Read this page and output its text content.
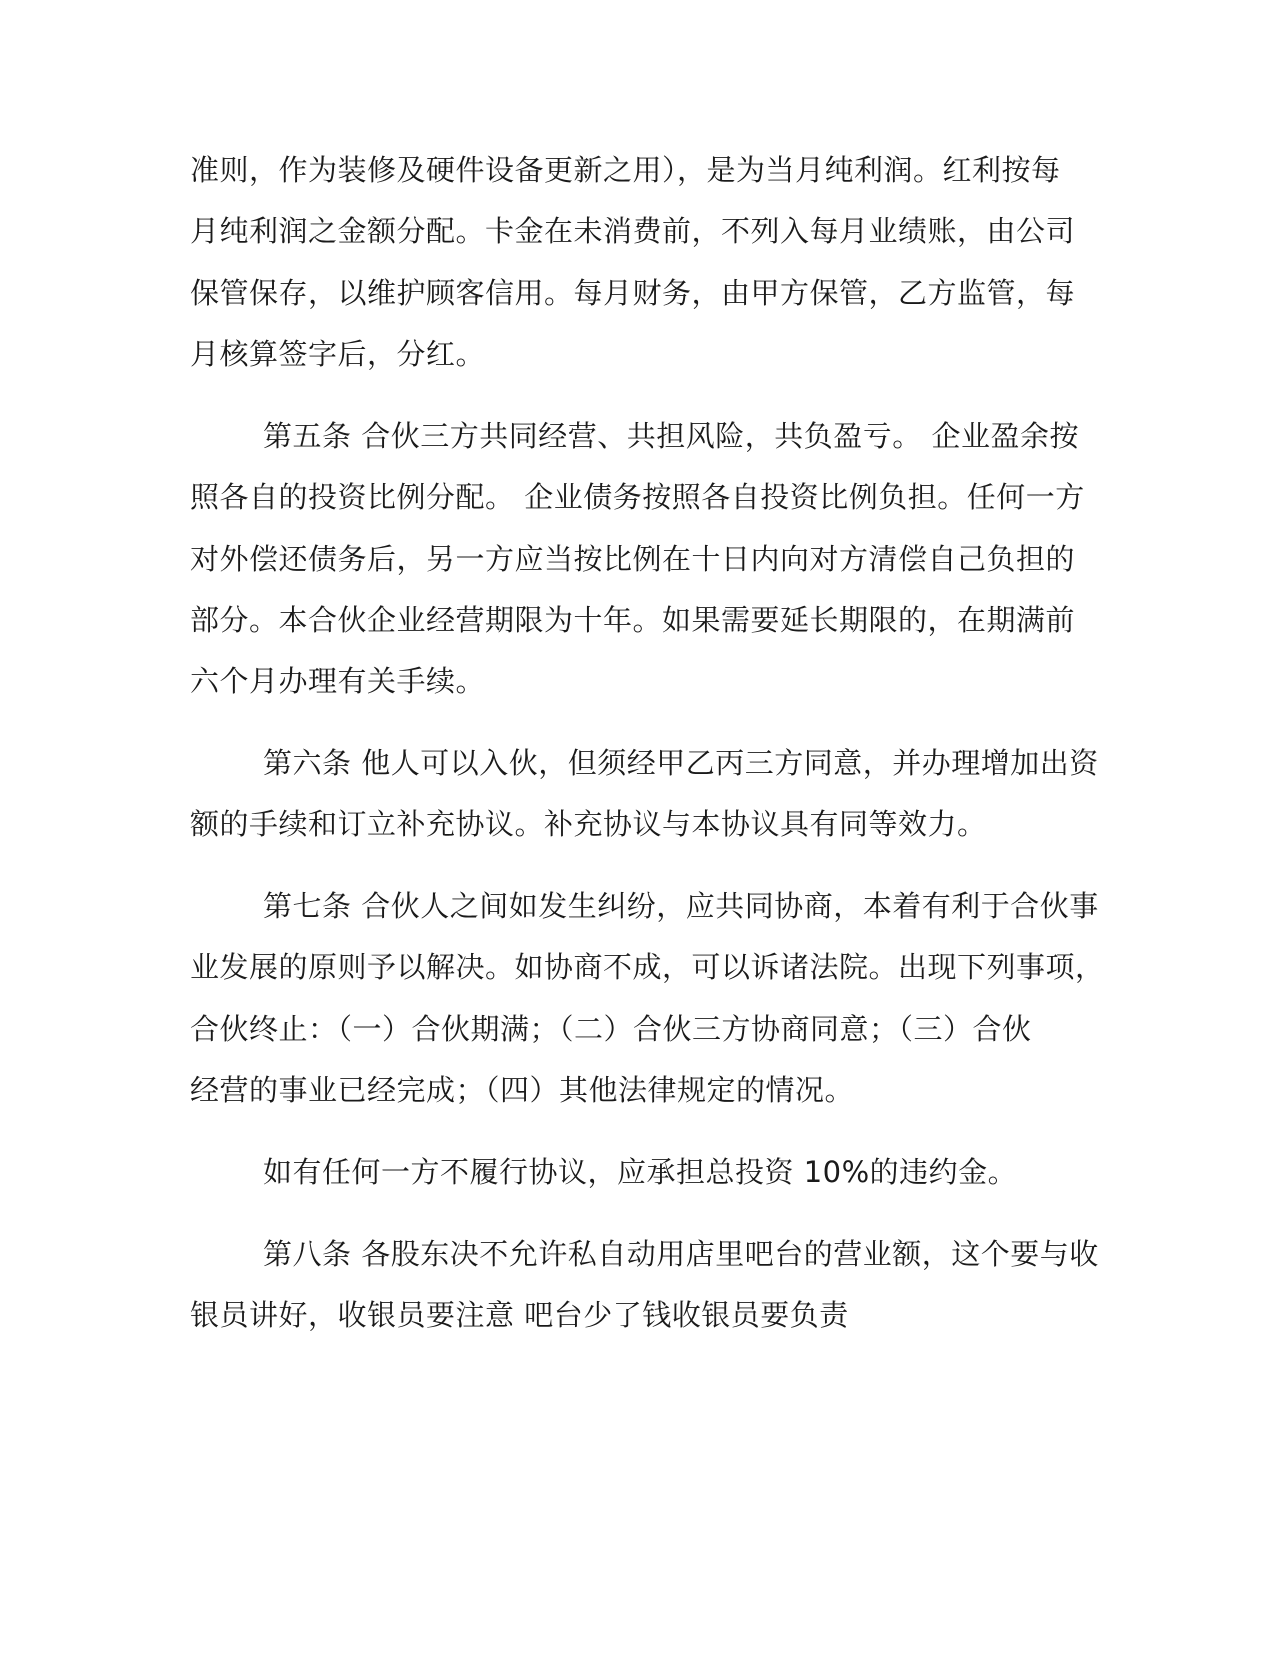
准则，作为装修及硬件设备更新之用），是为当月纯利润。红利按每
月纯利润之金额分配。卡金在未消费前，不列入每月业绩账，由公司
保管保存，以维护顾客信用。每月财务，由甲方保管，乙方监管，每
月核算签字后，分红。
第五条 合伙三方共同经营、共担风险，共负盈亏。 企业盈余按
照各自的投资比例分配。 企业债务按照各自投资比例负担。任何一方
对外偿还债务后，另一方应当按比例在十日内向对方清偿自己负担的
部分。本合伙企业经营期限为十年。如果需要延长期限的，在期满前
六个月办理有关手续。
第六条 他人可以入伙，但须经甲乙丙三方同意，并办理增加出资
额的手续和订立补充协议。补充协议与本协议具有同等效力。
第七条 合伙人之间如发生纠纷，应共同协商，本着有利于合伙事
业发展的原则予以解决。如协商不成，可以诉诸法院。出现下列事项，
合伙终止：（一）合伙期满；（二）合伙三方协商同意；（三）合伙
经营的事业已经完成；（四）其他法律规定的情况。
如有任何一方不履行协议，应承担总投资 10%的违约金。
第八条 各股东决不允许私自动用店里吧台的营业额，这个要与收
银员讲好，收银员要注意 吧台少了钱收银员要负责
